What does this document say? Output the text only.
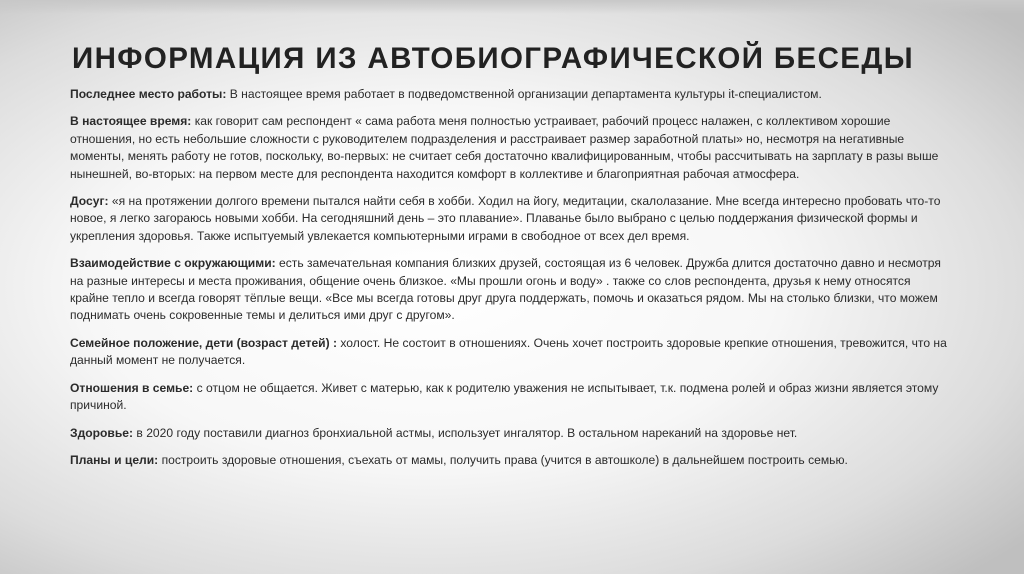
ИНФОРМАЦИЯ ИЗ АВТОБИОГРАФИЧЕСКОЙ БЕСЕДЫ

Последнее место работы: В настоящее время работает в подведомственной организации департамента культуры it-специалистом.

В настоящее время: как говорит сам респондент « сама работа меня полностью устраивает, рабочий процесс налажен, с коллективом хорошие отношения, но есть небольшие сложности с руководителем подразделения и расстраивает размер заработной платы» но, несмотря на негативные моменты, менять работу не готов, поскольку, во-первых: не считает себя достаточно квалифицированным, чтобы рассчитывать на зарплату в разы выше нынешней, во-вторых: на первом месте для респондента находится комфорт в коллективе и благоприятная рабочая атмосфера.

Досуг: «я на протяжении долгого времени пытался найти себя в хобби. Ходил на йогу, медитации, скалолазание. Мне всегда интересно пробовать что-то новое, я легко загораюсь новыми хобби. На сегодняшний день – это плавание». Плаванье было выбрано с целью поддержания физической формы и укрепления здоровья. Также испытуемый увлекается компьютерными играми в свободное от всех дел время.

Взаимодействие с окружающими: есть замечательная компания близких друзей, состоящая из 6 человек. Дружба длится достаточно давно и несмотря на разные интересы и места проживания, общение очень близкое. «Мы прошли огонь и воду» . также со слов респондента, друзья к нему относятся крайне тепло и всегда говорят тёплые вещи. «Все мы всегда готовы друг друга поддержать, помочь и оказаться рядом. Мы на столько близки, что можем поднимать очень сокровенные темы и делиться ими друг с другом».

Семейное положение, дети (возраст детей) : холост. Не состоит в отношениях. Очень хочет построить здоровые крепкие отношения, тревожится, что на данный момент не получается.

Отношения в семье: с отцом не общается. Живет с матерью, как к родителю уважения не испытывает, т.к. подмена ролей и образ жизни является этому причиной.

Здоровье: в 2020 году поставили диагноз бронхиальной астмы, использует ингалятор. В остальном нареканий на здоровье нет.

Планы и цели: построить здоровые отношения, съехать от мамы, получить права (учится в автошколе) в дальнейшем построить семью.
